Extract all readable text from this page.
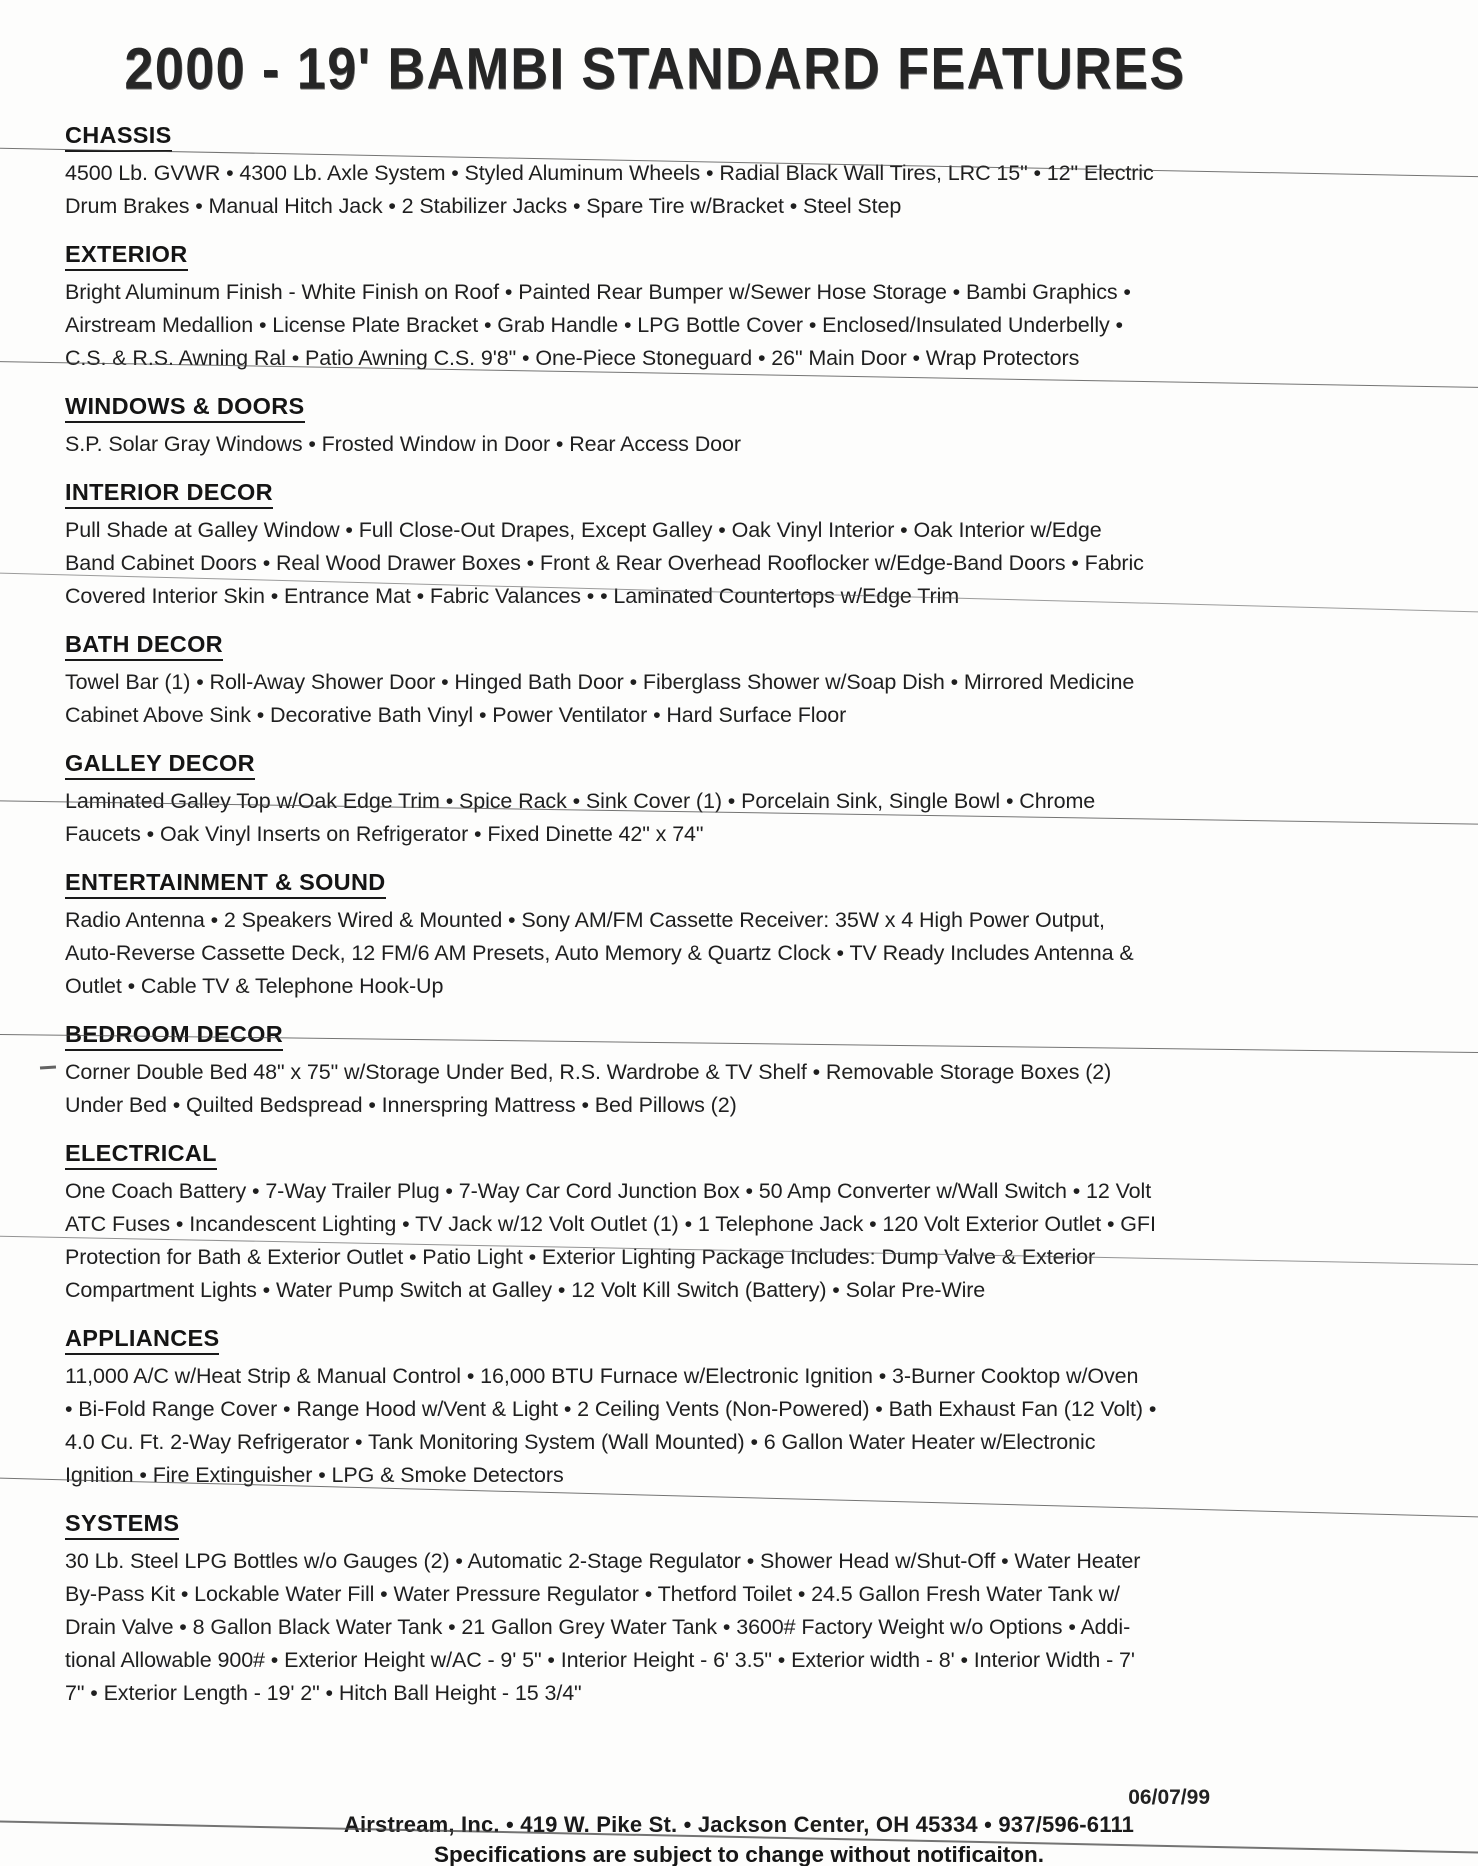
2000 - 19' BAMBI STANDARD FEATURES
CHASSIS
4500 Lb. GVWR • 4300 Lb. Axle System • Styled Aluminum Wheels • Radial Black Wall Tires, LRC 15" • 12" Electric
Drum Brakes • Manual Hitch Jack • 2 Stabilizer Jacks • Spare Tire w/Bracket • Steel Step
EXTERIOR
Bright Aluminum Finish - White Finish on Roof • Painted Rear Bumper w/Sewer Hose Storage • Bambi Graphics •
Airstream Medallion • License Plate Bracket • Grab Handle • LPG Bottle Cover • Enclosed/Insulated Underbelly •
C.S. & R.S. Awning Ral • Patio Awning C.S. 9'8" • One-Piece Stoneguard • 26" Main Door • Wrap Protectors
WINDOWS & DOORS
S.P. Solar Gray Windows • Frosted Window in Door • Rear Access Door
INTERIOR DECOR
Pull Shade at Galley Window • Full Close-Out Drapes, Except Galley • Oak Vinyl Interior • Oak Interior w/Edge
Band Cabinet Doors • Real Wood Drawer Boxes • Front & Rear Overhead Rooflocker w/Edge-Band Doors • Fabric
Covered Interior Skin • Entrance Mat • Fabric Valances • • Laminated Countertops w/Edge Trim
BATH DECOR
Towel Bar (1) • Roll-Away Shower Door • Hinged Bath Door • Fiberglass Shower w/Soap Dish • Mirrored Medicine
Cabinet Above Sink • Decorative Bath Vinyl • Power Ventilator • Hard Surface Floor
GALLEY DECOR
Laminated Galley Top w/Oak Edge Trim • Spice Rack • Sink Cover (1) • Porcelain Sink, Single Bowl • Chrome
Faucets • Oak Vinyl Inserts on Refrigerator • Fixed Dinette 42" x 74"
ENTERTAINMENT & SOUND
Radio Antenna • 2 Speakers Wired & Mounted • Sony AM/FM Cassette Receiver: 35W x 4 High Power Output,
Auto-Reverse Cassette Deck, 12 FM/6 AM Presets, Auto Memory & Quartz Clock • TV Ready Includes Antenna &
Outlet • Cable TV & Telephone Hook-Up
BEDROOM DECOR
Corner Double Bed 48" x 75" w/Storage Under Bed, R.S. Wardrobe & TV Shelf • Removable Storage Boxes (2)
Under Bed • Quilted Bedspread • Innerspring Mattress • Bed Pillows (2)
ELECTRICAL
One Coach Battery • 7-Way Trailer Plug • 7-Way Car Cord Junction Box • 50 Amp Converter w/Wall Switch • 12 Volt
ATC Fuses • Incandescent Lighting • TV Jack w/12 Volt Outlet (1) • 1 Telephone Jack • 120 Volt Exterior Outlet • GFI
Protection for Bath & Exterior Outlet • Patio Light • Exterior Lighting Package Includes: Dump Valve & Exterior
Compartment Lights • Water Pump Switch at Galley • 12 Volt Kill Switch (Battery) • Solar Pre-Wire
APPLIANCES
11,000 A/C w/Heat Strip & Manual Control • 16,000 BTU Furnace w/Electronic Ignition • 3-Burner Cooktop w/Oven
• Bi-Fold Range Cover • Range Hood w/Vent & Light • 2 Ceiling Vents (Non-Powered) • Bath Exhaust Fan (12 Volt) •
4.0 Cu. Ft. 2-Way Refrigerator • Tank Monitoring System (Wall Mounted) • 6 Gallon Water Heater w/Electronic
Ignition • Fire Extinguisher • LPG & Smoke Detectors
SYSTEMS
30 Lb. Steel LPG Bottles w/o Gauges (2) • Automatic 2-Stage Regulator • Shower Head w/Shut-Off • Water Heater
By-Pass Kit • Lockable Water Fill • Water Pressure Regulator • Thetford Toilet • 24.5 Gallon Fresh Water Tank w/
Drain Valve • 8 Gallon Black Water Tank • 21 Gallon Grey Water Tank • 3600# Factory Weight w/o Options • Addi-
tional Allowable 900# • Exterior Height w/AC - 9' 5" • Interior Height - 6' 3.5" • Exterior width - 8' • Interior Width - 7'
7" • Exterior Length - 19' 2" • Hitch Ball Height - 15 3/4"
06/07/99
Airstream, Inc. • 419 W. Pike St. • Jackson Center, OH 45334 • 937/596-6111
Specifications are subject to change without notificaiton.
